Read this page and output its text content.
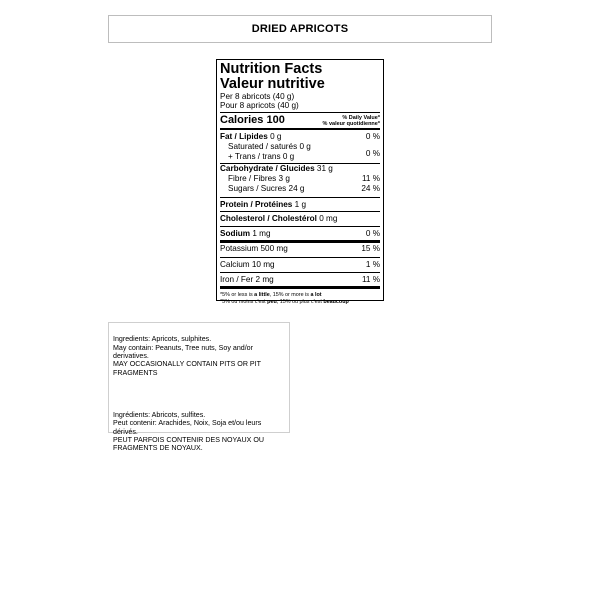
DRIED APRICOTS
Nutrition Facts
Valeur nutritive
Per 8 abricots (40 g)
Pour 8 apricots (40 g)
Calories 100	% Daily Value*
% valeur quotidienne*
Fat / Lipides 0 g	0 %
Saturated / saturés 0 g
+ Trans / trans 0 g	0 %
Carbohydrate / Glucides 31 g
Fibre / Fibres 3 g	11 %
Sugars / Sucres 24 g	24 %
Protein / Protéines 1 g
Cholesterol / Cholestérol 0 mg
Sodium 1 mg	0 %
Potassium 500 mg	15 %
Calcium 10 mg	1 %
Iron / Fer 2 mg	11 %
*5% or less is a little, 15% or more is a lot
*5% ou moins c'est peu, 15% ou plus c'est beaucoup

Ingredients: Apricots, sulphites.
May contain: Peanuts, Tree nuts, Soy and/or derivatives.
MAY OCCASIONALLY CONTAIN PITS OR PIT FRAGMENTS

Ingrédients: Abricots, sulfites.
Peut contenir: Arachides, Noix, Soja et/ou leurs dérivés.
PEUT PARFOIS CONTENIR DES NOYAUX OU FRAGMENTS DE NOYAUX.
